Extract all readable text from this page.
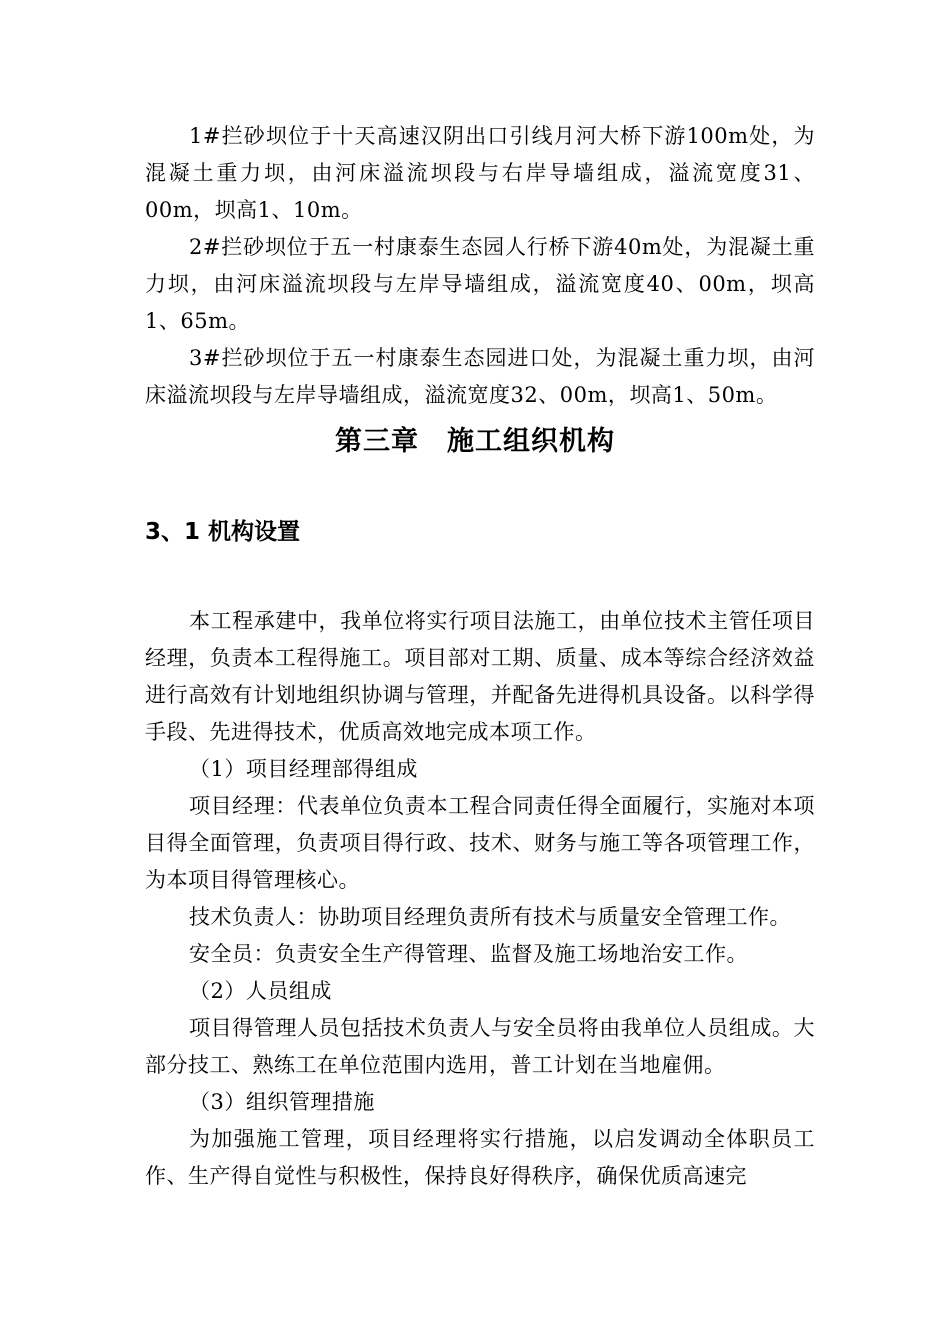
1#拦砂坝位于十天高速汉阴出口引线月河大桥下游100m处，为混凝土重力坝，由河床溢流坝段与右岸导墙组成，溢流宽度31、00m，坝高1、10m。

2#拦砂坝位于五一村康泰生态园人行桥下游40m处，为混凝土重力坝，由河床溢流坝段与左岸导墙组成，溢流宽度40、00m，坝高1、65m。

3#拦砂坝位于五一村康泰生态园进口处，为混凝土重力坝，由河床溢流坝段与左岸导墙组成，溢流宽度32、00m，坝高1、50m。

第三章　施工组织机构
3、1 机构设置

本工程承建中，我单位将实行项目法施工，由单位技术主管任项目经理，负责本工程得施工。项目部对工期、质量、成本等综合经济效益进行高效有计划地组织协调与管理，并配备先进得机具设备。以科学得手段、先进得技术，优质高效地完成本项工作。

（1）项目经理部得组成

项目经理：代表单位负责本工程合同责任得全面履行，实施对本项目得全面管理，负责项目得行政、技术、财务与施工等各项管理工作，为本项目得管理核心。

技术负责人：协助项目经理负责所有技术与质量安全管理工作。

安全员：负责安全生产得管理、监督及施工场地治安工作。

（2）人员组成

项目得管理人员包括技术负责人与安全员将由我单位人员组成。大部分技工、熟练工在单位范围内选用，普工计划在当地雇佣。

（3）组织管理措施

为加强施工管理，项目经理将实行措施，以启发调动全体职员工作、生产得自觉性与积极性，保持良好得秩序，确保优质高速完
